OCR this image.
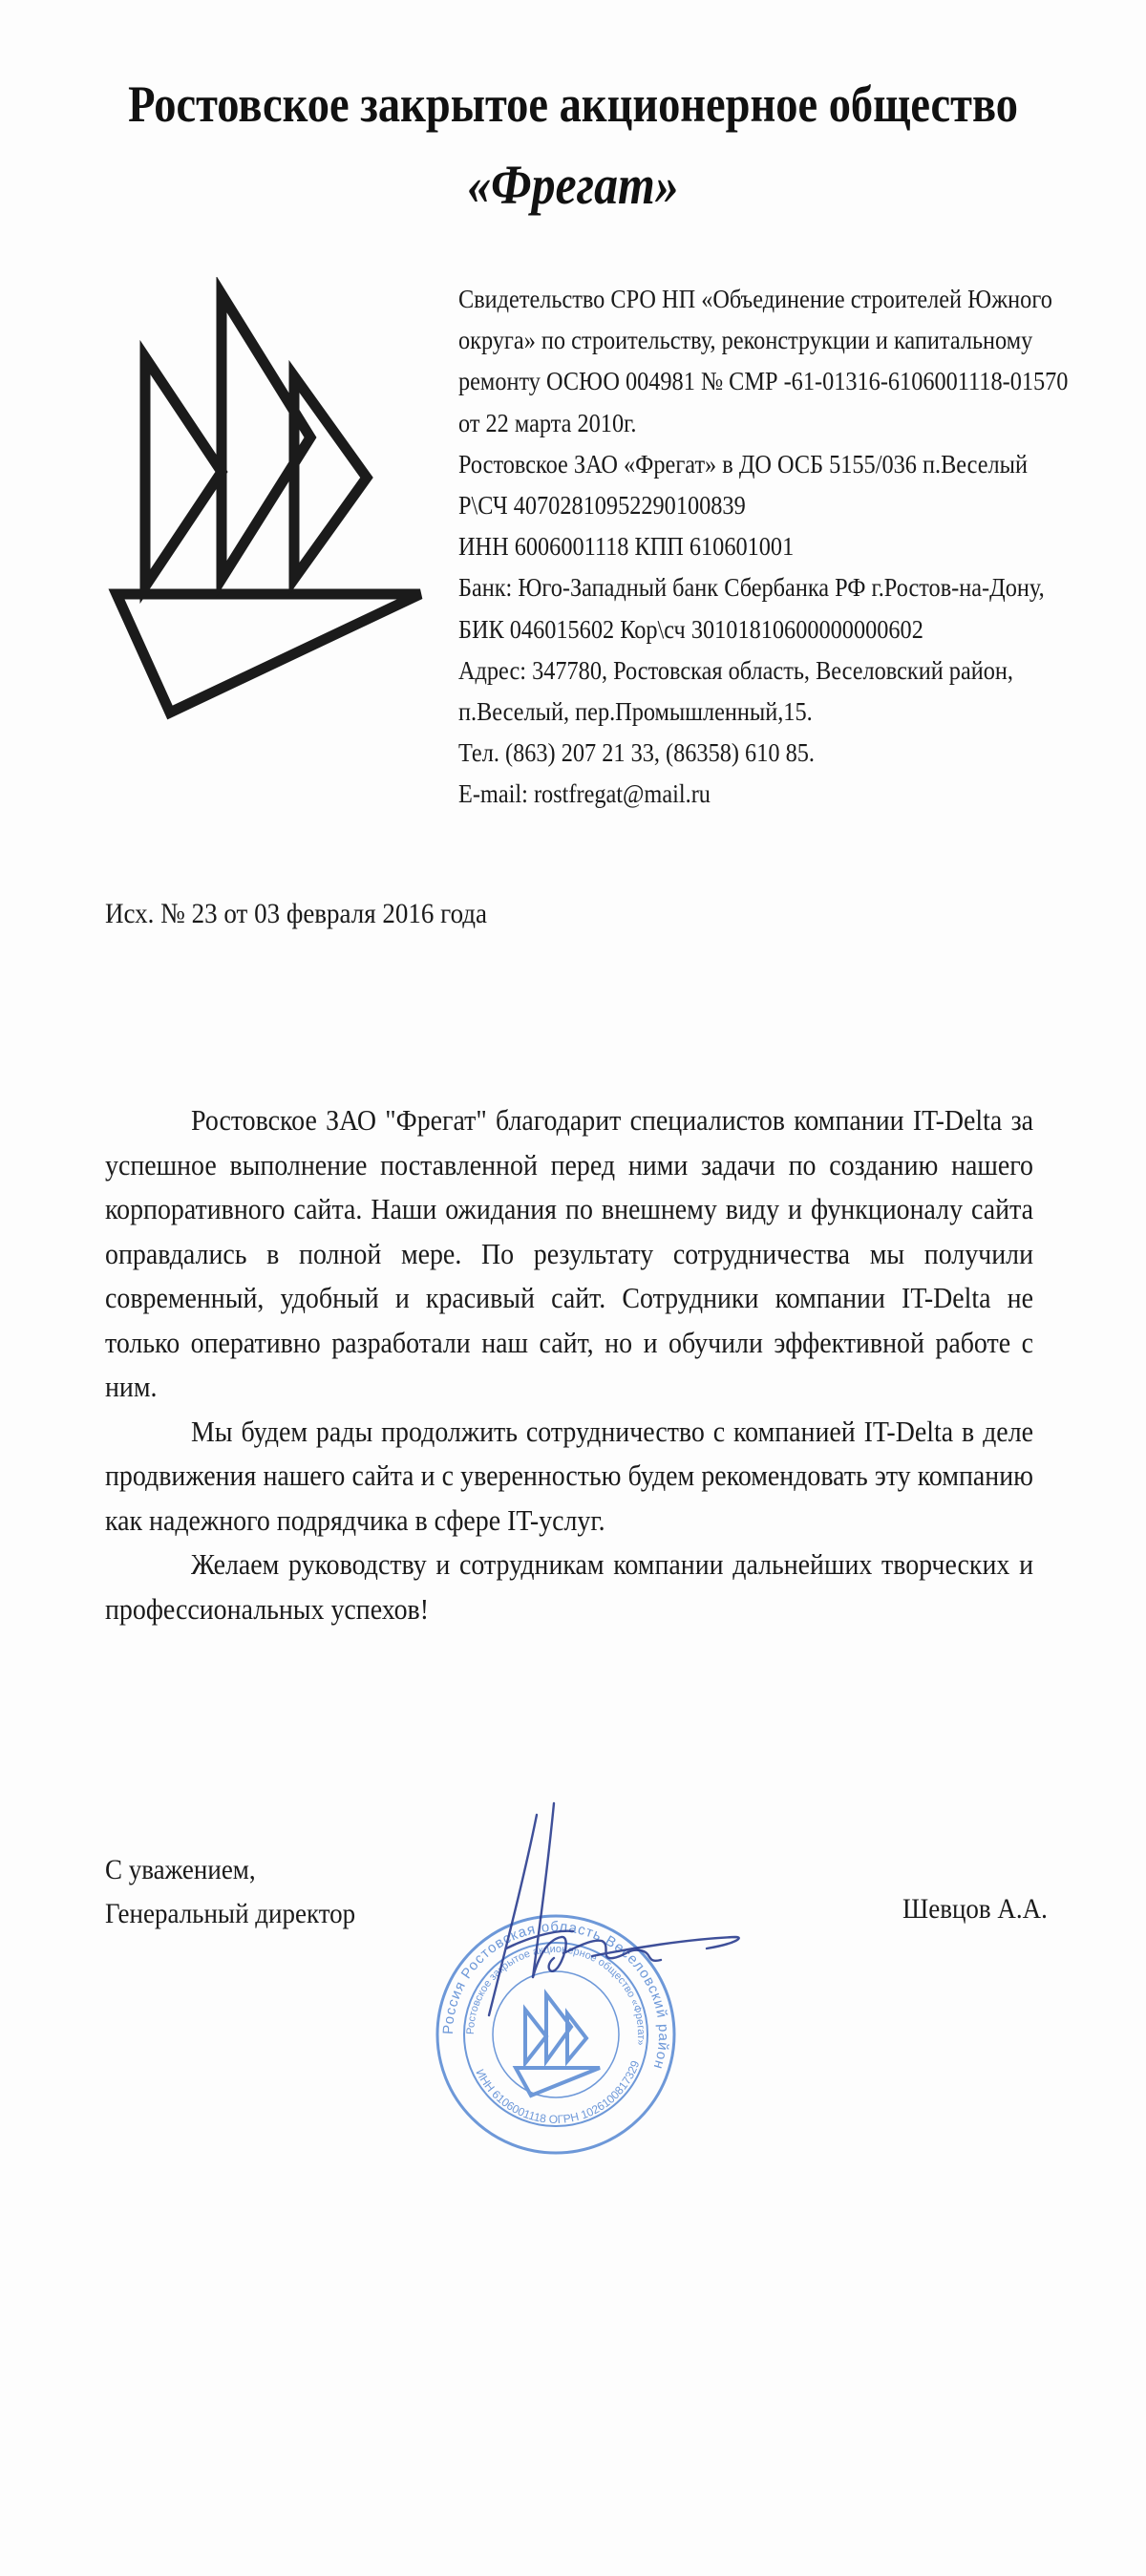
Ростовское закрытое акционерное общество
«Фрегат»
Свидетельство СРО НП «Объединение строителей Южного
округа» по строительству, реконструкции и капитальному
ремонту ОСЮО 004981 № СМР -61-01316-6106001118-01570
от 22 марта 2010г.
Ростовское ЗАО «Фрегат» в ДО ОСБ 5155/036 п.Веселый
Р\СЧ 40702810952290100839
ИНН 6006001118 КПП 610601001
Банк: Юго-Западный банк Сбербанка РФ г.Ростов-на-Дону,
БИК 046015602 Кор\сч 30101810600000000602
Адрес: 347780, Ростовская область, Веселовский район,
п.Веселый, пер.Промышленный,15.
Тел. (863) 207 21 33, (86358) 610 85.
E-mail: rostfregat@mail.ru
Исх. № 23 от 03 февраля 2016 года

Ростовское ЗАО "Фрегат" благодарит специалистов компании IT-Delta за успешное выполнение поставленной перед ними задачи по созданию нашего корпоративного сайта. Наши ожидания по внешнему виду и функционалу сайта оправдались в полной мере. По результату сотрудничества мы получили современный, удобный и красивый сайт. Сотрудники компании IT-Delta не только оперативно разработали наш сайт, но и обучили эффективной работе с ним.

Мы будем рады продолжить сотрудничество с компанией IT-Delta в деле продвижения нашего сайта и с уверенностью будем рекомендовать эту компанию как надежного подрядчика в сфере IT-услуг.

Желаем руководству и сотрудникам компании дальнейших творческих и профессиональных успехов!

С уважением,
Генеральный директор	Шевцов А.А.
Россия Ростовская область Веселовский район
Ростовское закрытое акционерное общество «Фрегат»
ИНН 6106001118 ОГРН 1026100817329
